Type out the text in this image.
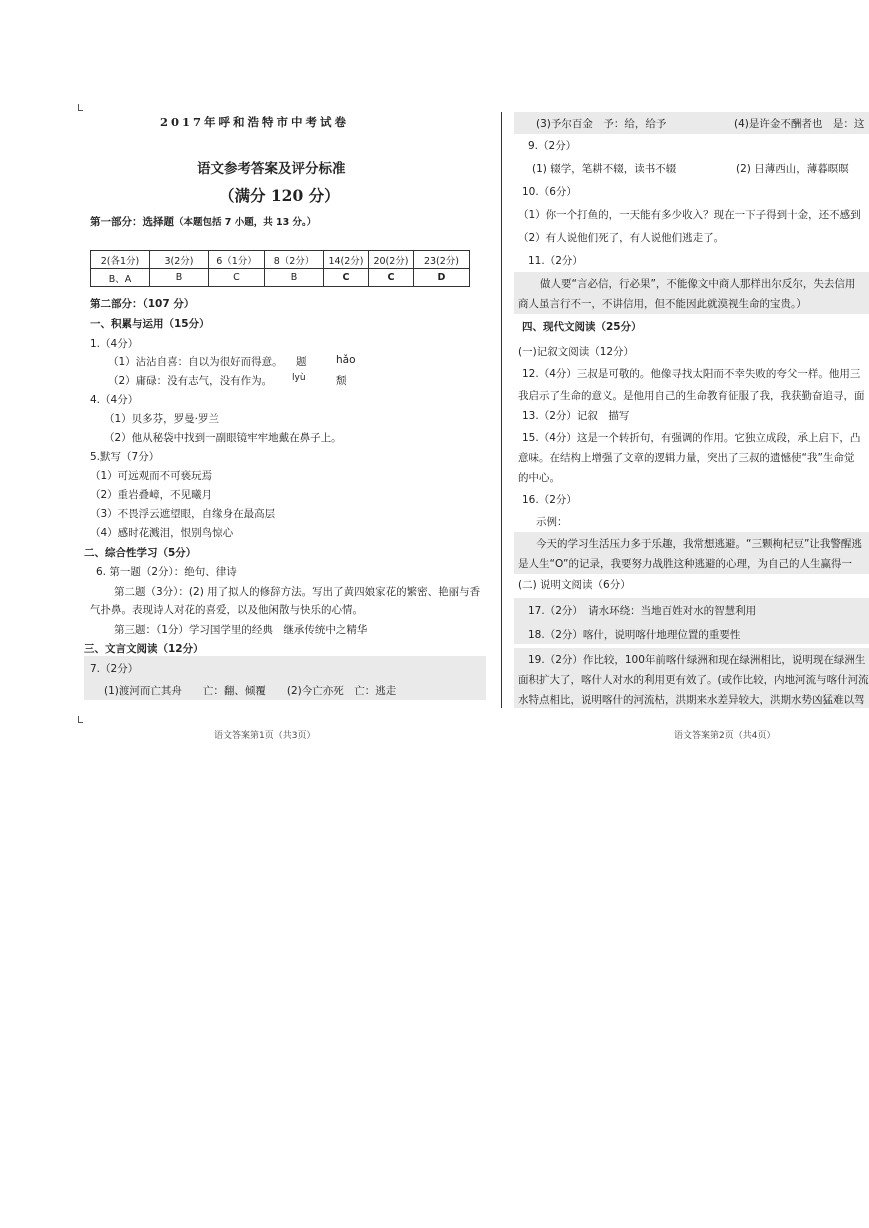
2017年呼和浩特市中考试卷
语文参考答案及评分标准
（满分 120 分）
第一部分：选择题（本题包括 7 小题，共 13 分。）
2(各1分)	3(2分)	6（1分）	8（2分）	14(2分)	20(2分)	23(2分)
B、A	B	C	B	C	C	D
第二部分：（107 分）
一、积累与运用（15分）
1.（4分）
（1）沾沾自喜：自以为很好而得意。 题	hǎo
（2）庸碌：没有志气，没有作为。 lyù	颓
4.（4分）
（1）贝多芬，罗曼·罗兰
（2）他从秘袋中找到一副眼镜牢牢地戴在鼻子上。
5.默写（7分）
（1）可远观而不可亵玩焉
（2）重岩叠嶂，不见曦月
（3）不畏浮云遮望眼，自缘身在最高层
（4）感时花溅泪，恨别鸟惊心
二、综合性学习（5分）
6. 第一题（2分）：绝句、律诗
第二题（3分）：(2) 用了拟人的修辞方法。写出了黄四娘家花的繁密、艳丽与香
气扑鼻。表现诗人对花的喜爱，以及他闲散与快乐的心情。
第三题：（1分）学习国学里的经典　继承传统中之精华
三、文言文阅读（12分）
7.（2分）
(1)渡河而亡其舟　　亡：翻、倾覆　　(2)今亡亦死　亡：逃走
语文答案第1页（共3页）
(3)予尔百金　予：给，给予	(4)是许金不酬者也　是：这
9.（2分）
(1) 辍学，笔耕不辍，读书不辍	(2) 日薄西山，薄暮暝暝
10.（6分）
（1）你一个打鱼的，一天能有多少收入？现在一下子得到十金，还不感到
（2）有人说他们死了，有人说他们逃走了。
11.（2分）
做人要“言必信，行必果”，不能像文中商人那样出尔反尔，失去信用
商人虽言行不一，不讲信用，但不能因此就漠视生命的宝贵。）
四、现代文阅读（25分）
(一)记叙文阅读（12分）
12.（4分）三叔是可敬的。他像寻找太阳而不幸失败的夸父一样。他用三
我启示了生命的意义。是他用自己的生命教育征服了我，我获勤奋追寻，面
13.（2分）记叙　描写
15.（4分）这是一个转折句，有强调的作用。它独立成段，承上启下，凸
意味。在结构上增强了文章的逻辑力量，突出了三叔的遗憾使“我”生命觉
的中心。
16.（2分）
示例：
今天的学习生活压力多于乐趣，我常想逃避。“三颗枸杞豆”让我警醒逃
是人生“O”的记录，我要努力战胜这种逃避的心理，为自己的人生赢得一
(二) 说明文阅读（6分）
17.（2分）　请水环绕：当地百姓对水的智慧利用
18.（2分）喀什，说明喀什地理位置的重要性
19.（2分）作比较，100年前喀什绿洲和现在绿洲相比，说明现在绿洲生
面积扩大了，喀什人对水的利用更有效了。(或作比较，内地河流与喀什河流
水特点相比，说明喀什的河流枯，洪期来水差异较大，洪期水势凶猛难以驾
语文答案第2页（共4页）
